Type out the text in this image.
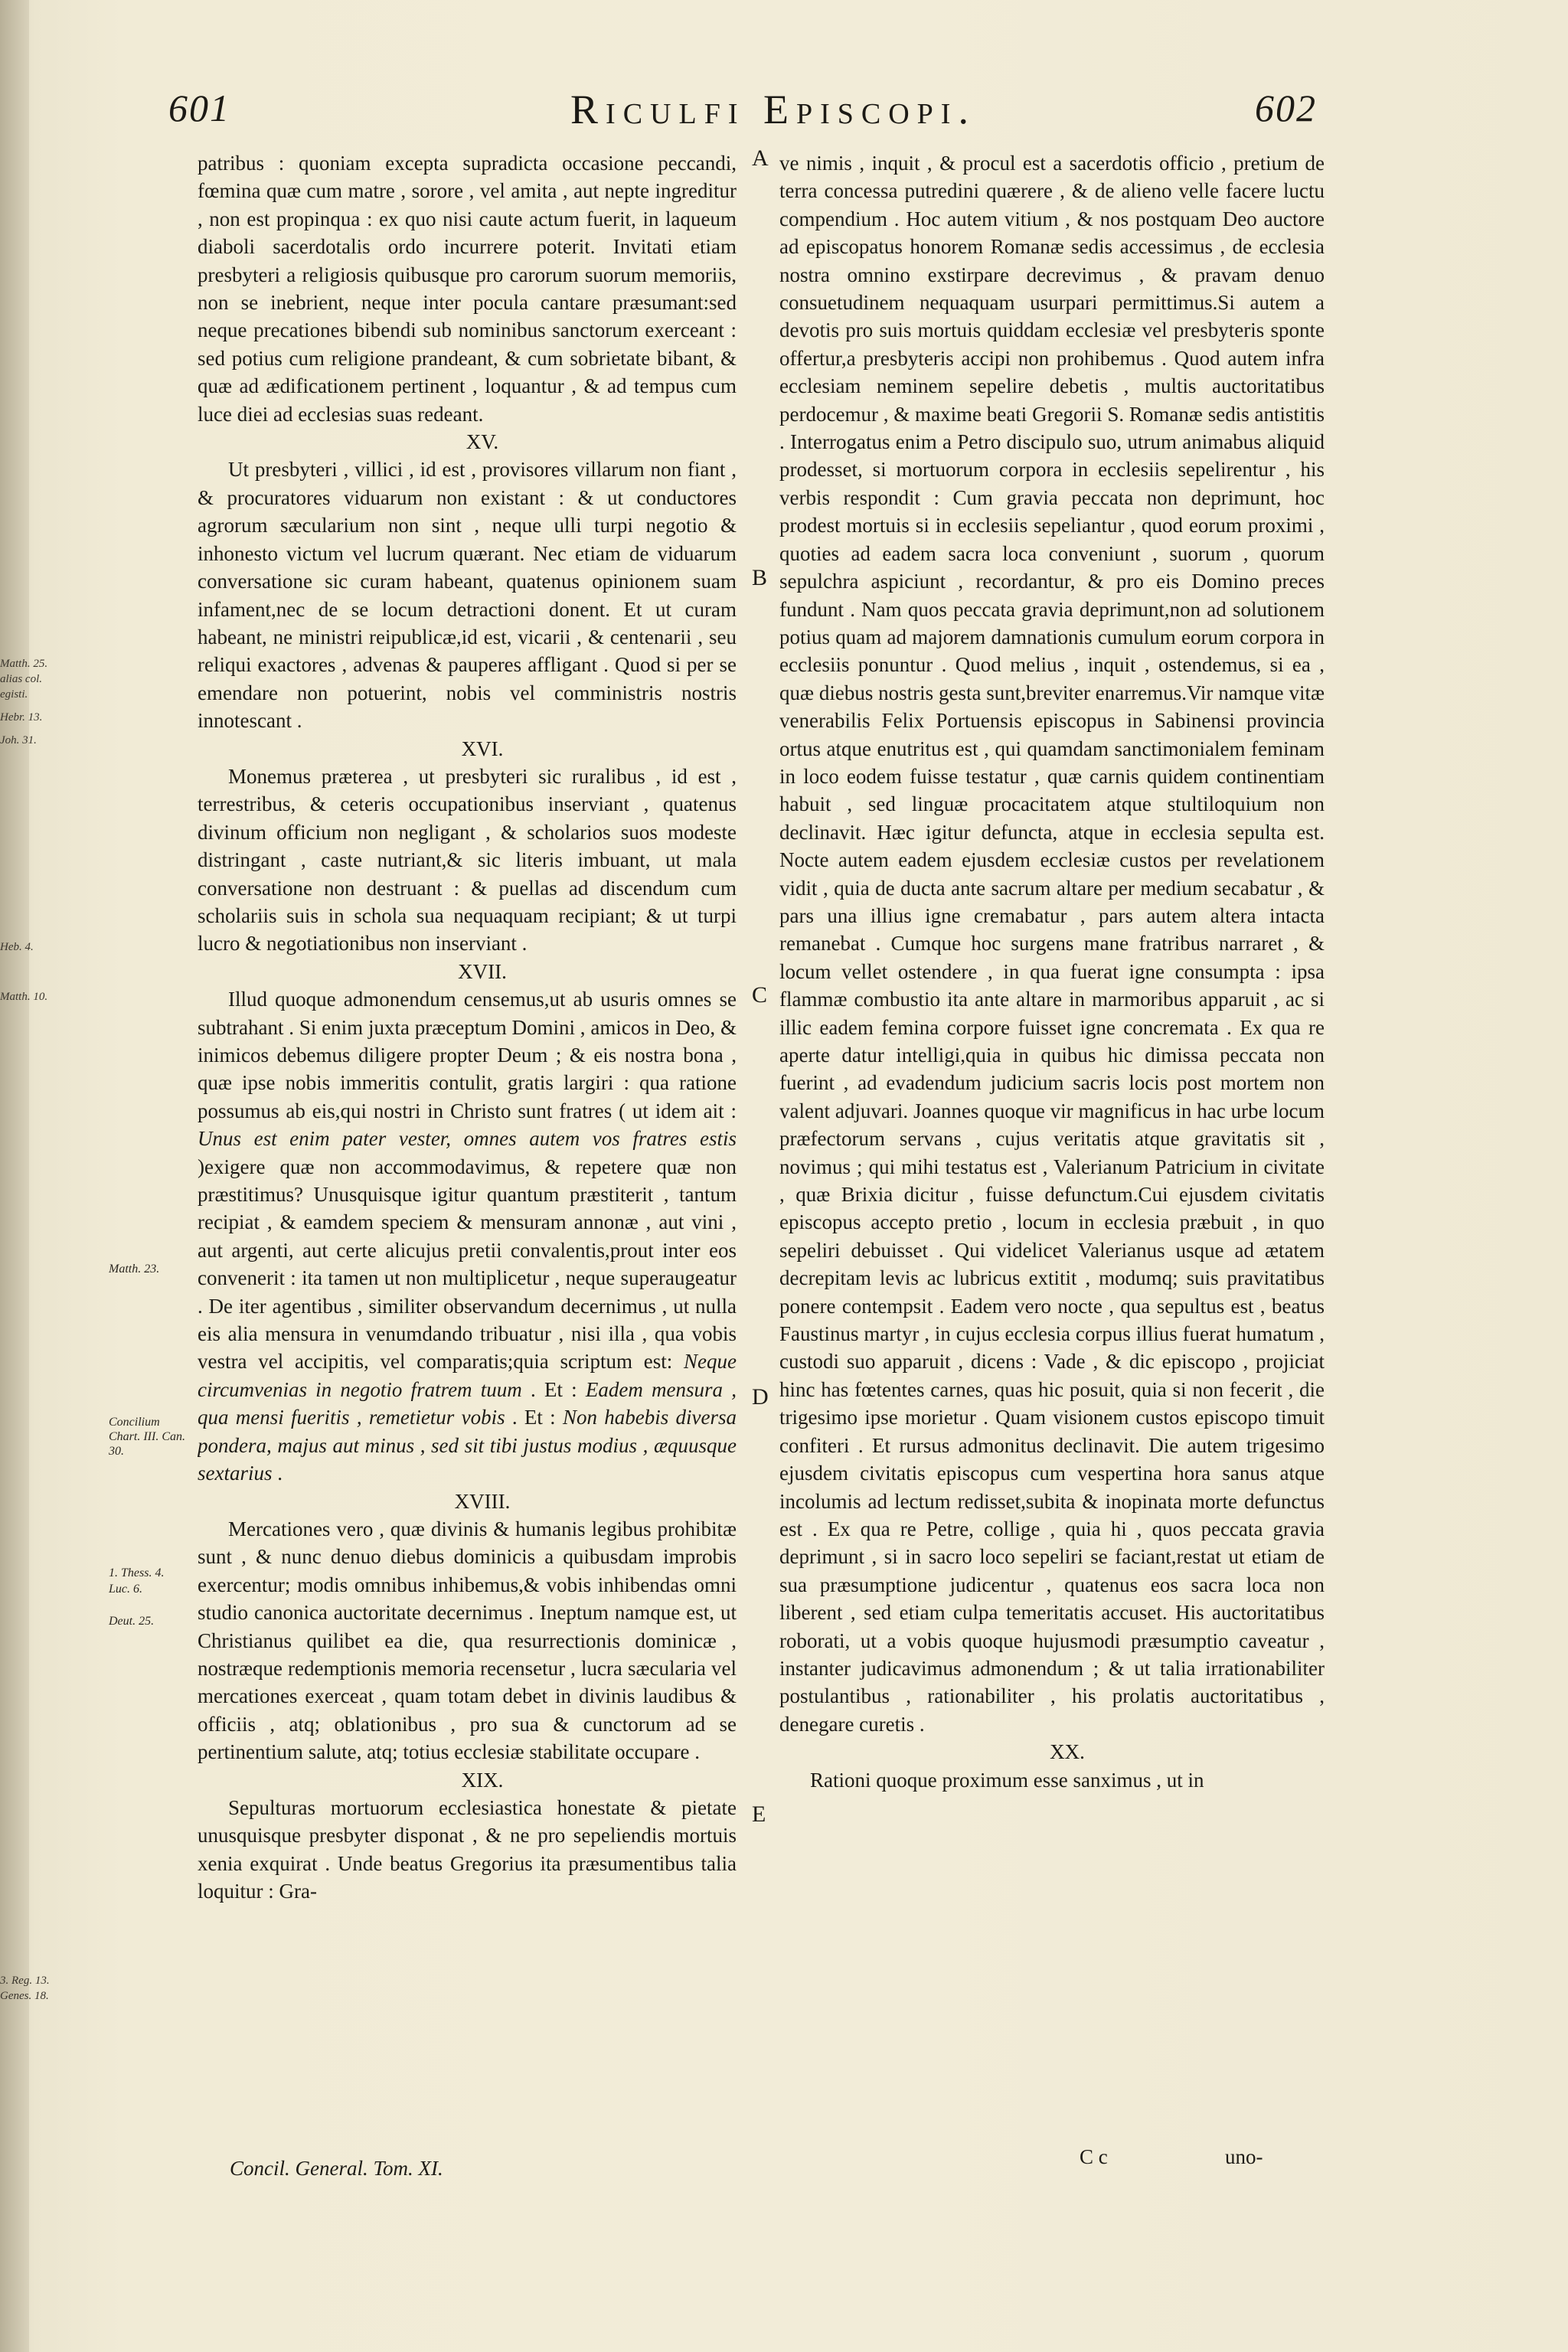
Matth. 25.
alias col.
egisti.
Hebr. 13.
Joh. 31.
Heb. 4.
Matth. 10.
3. Reg. 13.
Genes. 18.
601	Riculfi Episcopi.	602

patribus : quoniam excepta supradicta occasione peccandi, fœmina quæ cum matre , sorore , vel amita , aut nepte ingreditur , non est propinqua : ex quo nisi caute actum fuerit, in laqueum diaboli sacerdotalis ordo incurrere poterit. Invitati etiam presbyteri a religiosis quibusque pro carorum suorum memoriis, non se inebrient, neque inter pocula cantare præsumant:sed neque precationes bibendi sub nominibus sanctorum exerceant : sed potius cum religione prandeant, & cum sobrietate bibant, & quæ ad ædificationem pertinent , loquantur , & ad tempus cum luce diei ad ecclesias suas redeant.

XV.

Ut presbyteri , villici , id est , provisores villarum non fiant , & procuratores viduarum non existant : & ut conductores agrorum sæcularium non sint , neque ulli turpi negotio & inhonesto victum vel lucrum quærant. Nec etiam de viduarum conversatione sic curam habeant, quatenus opinionem suam infament,nec de se locum detractioni donent. Et ut curam habeant, ne ministri reipublicæ,id est, vicarii , & centenarii , seu reliqui exactores , advenas & pauperes affligant . Quod si per se emendare non potuerint, nobis vel comministris nostris innotescant .

XVI.

Monemus præterea , ut presbyteri sic ruralibus , id est , terrestribus, & ceteris occupationibus inserviant , quatenus divinum officium non negligant , & scholarios suos modeste distringant , caste nutriant,& sic literis imbuant, ut mala conversatione non destruant : & puellas ad discendum cum scholariis suis in schola sua nequaquam recipiant; & ut turpi lucro & negotiationibus non inserviant .

XVII.

Illud quoque admonendum censemus,ut ab usuris omnes se subtrahant . Si enim juxta præceptum Domini , amicos in Deo, & inimicos debemus diligere propter Deum ; & eis nostra bona , quæ ipse nobis immeritis contulit, gratis largiri : qua ratione possumus ab eis,qui nostri in Christo sunt fratres ( ut idem ait : Unus est enim pater vester, omnes autem vos fratres estis )exigere quæ non accommodavimus, & repetere quæ non præstitimus? Unusquisque igitur quantum præstiterit , tantum recipiat , & eamdem speciem & mensuram annonæ , aut vini , aut argenti, aut certe alicujus pretii convalentis,prout inter eos convenerit : ita tamen ut non multiplicetur , neque superaugeatur . De iter agentibus , similiter observandum decernimus , ut nulla eis alia mensura in venumdando tribuatur , nisi illa , qua vobis vestra vel accipitis, vel comparatis;quia scriptum est: Neque circumvenias in negotio fratrem tuum . Et : Eadem mensura , qua mensi fueritis , remetietur vobis . Et : Non habebis diversa pondera, majus aut minus , sed sit tibi justus modius , æquusque sextarius .

XVIII.

Mercationes vero , quæ divinis & humanis legibus prohibitæ sunt , & nunc denuo diebus dominicis a quibusdam improbis exercentur; modis omnibus inhibemus,& vobis inhibendas omni studio canonica auctoritate decernimus . Ineptum namque est, ut Christianus quilibet ea die, qua resurrectionis dominicæ , nostræque redemptionis memoria recensetur , lucra sæcularia vel mercationes exerceat , quam totam debet in divinis laudibus & officiis , atq; oblationibus , pro sua & cunctorum ad se pertinentium salute, atq; totius ecclesiæ stabilitate occupare .

XIX.

Sepulturas mortuorum ecclesiastica honestate & pietate unusquisque presbyter disponat , & ne pro sepeliendis mortuis xenia exquirat . Unde beatus Gregorius ita præsumentibus talia loquitur : Gra-

ve nimis , inquit , & procul est a sacerdotis officio , pretium de terra concessa putredini quærere , & de alieno velle facere luctu compendium . Hoc autem vitium , & nos postquam Deo auctore ad episcopatus honorem Romanæ sedis accessimus , de ecclesia nostra omnino exstirpare decrevimus , & pravam denuo consuetudinem nequaquam usurpari permittimus.Si autem a devotis pro suis mortuis quiddam ecclesiæ vel presbyteris sponte offertur,a presbyteris accipi non prohibemus . Quod autem infra ecclesiam neminem sepelire debetis , multis auctoritatibus perdocemur , & maxime beati Gregorii S. Romanæ sedis antistitis . Interrogatus enim a Petro discipulo suo, utrum animabus aliquid prodesset, si mortuorum corpora in ecclesiis sepelirentur , his verbis respondit : Cum gravia peccata non deprimunt, hoc prodest mortuis si in ecclesiis sepeliantur , quod eorum proximi , quoties ad eadem sacra loca conveniunt , suorum , quorum sepulchra aspiciunt , recordantur, & pro eis Domino preces fundunt . Nam quos peccata gravia deprimunt,non ad solutionem potius quam ad majorem damnationis cumulum eorum corpora in ecclesiis ponuntur . Quod melius , inquit , ostendemus, si ea , quæ diebus nostris gesta sunt,breviter enarremus.Vir namque vitæ venerabilis Felix Portuensis episcopus in Sabinensi provincia ortus atque enutritus est , qui quamdam sanctimonialem feminam in loco eodem fuisse testatur , quæ carnis quidem continentiam habuit , sed linguæ procacitatem atque stultiloquium non declinavit. Hæc igitur defuncta, atque in ecclesia sepulta est. Nocte autem eadem ejusdem ecclesiæ custos per revelationem vidit , quia de ducta ante sacrum altare per medium secabatur , & pars una illius igne cremabatur , pars autem altera intacta remanebat . Cumque hoc surgens mane fratribus narraret , & locum vellet ostendere , in qua fuerat igne consumpta : ipsa flammæ combustio ita ante altare in marmoribus apparuit , ac si illic eadem femina corpore fuisset igne concremata . Ex qua re aperte datur intelligi,quia in quibus hic dimissa peccata non fuerint , ad evadendum judicium sacris locis post mortem non valent adjuvari. Joannes quoque vir magnificus in hac urbe locum præfectorum servans , cujus veritatis atque gravitatis sit , novimus ; qui mihi testatus est , Valerianum Patricium in civitate , quæ Brixia dicitur , fuisse defunctum.Cui ejusdem civitatis episcopus accepto pretio , locum in ecclesia præbuit , in quo sepeliri debuisset . Qui videlicet Valerianus usque ad ætatem decrepitam levis ac lubricus extitit , modumq; suis pravitatibus ponere contempsit . Eadem vero nocte , qua sepultus est , beatus Faustinus martyr , in cujus ecclesia corpus illius fuerat humatum , custodi suo apparuit , dicens : Vade , & dic episcopo , projiciat hinc has fœtentes carnes, quas hic posuit, quia si non fecerit , die trigesimo ipse morietur . Quam visionem custos episcopo timuit confiteri . Et rursus admonitus declinavit. Die autem trigesimo ejusdem civitatis episcopus cum vespertina hora sanus atque incolumis ad lectum redisset,subita & inopinata morte defunctus est . Ex qua re Petre, collige , quia hi , quos peccata gravia deprimunt , si in sacro loco sepeliri se faciant,restat ut etiam de sua præsumptione judicentur , quatenus eos sacra loca non liberent , sed etiam culpa temeritatis accuset. His auctoritatibus roborati, ut a vobis quoque hujusmodi præsumptio caveatur , instanter judicavimus admonendum ; & ut talia irrationabiliter postulantibus , rationabiliter , his prolatis auctoritatibus , denegare curetis .

XX.

Rationi quoque proximum esse sanximus , ut in

A
B
C
D
E
Matth. 23.
Concilium Chart. III. Can. 30.
1. Thess. 4.
Luc. 6.
Deut. 25.
Concil. General. Tom. XI.	C c	uno-
